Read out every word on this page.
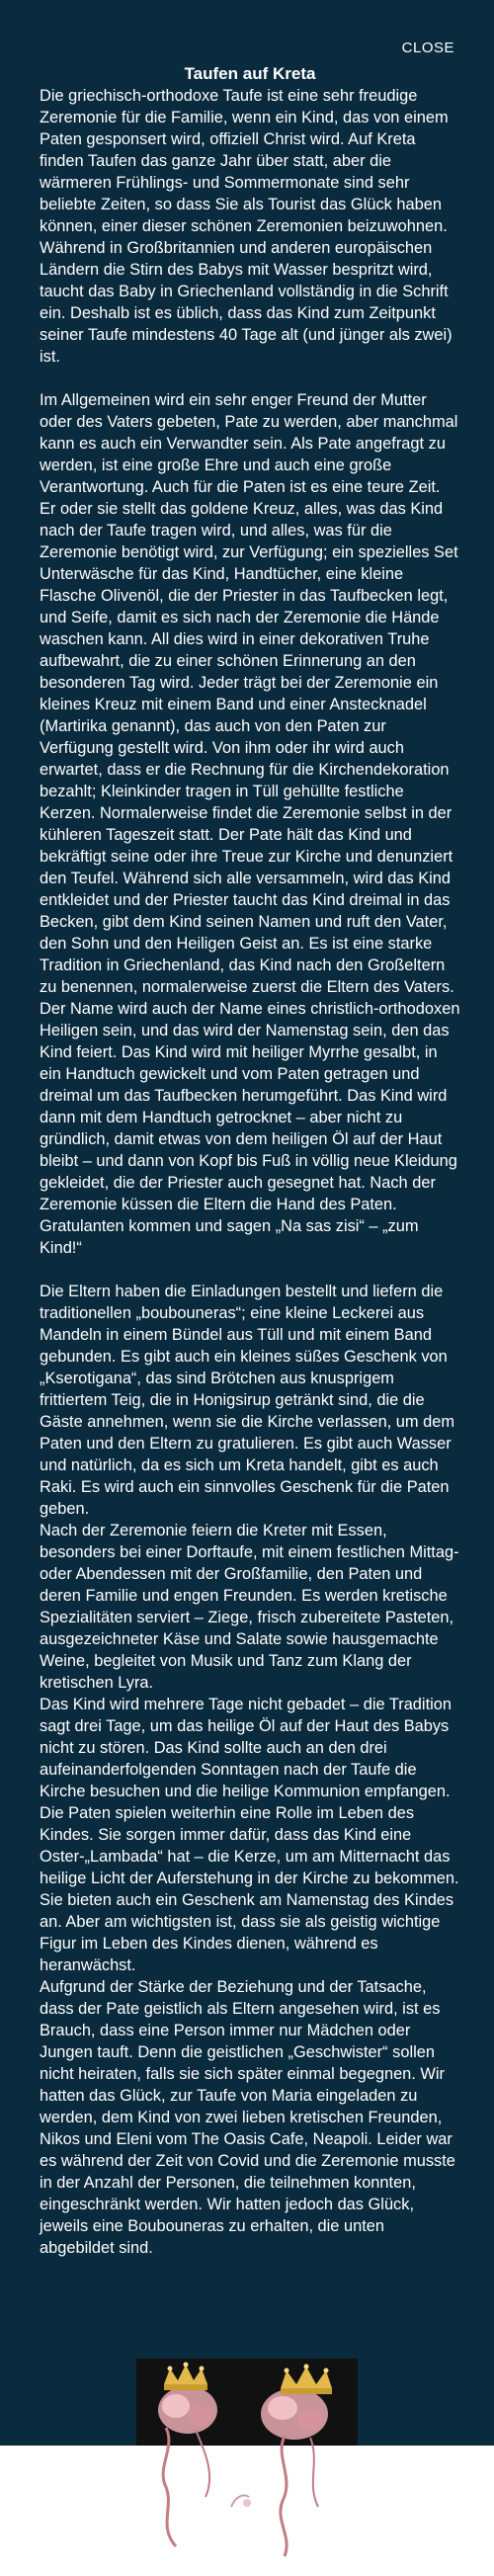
CLOSE
Taufen auf Kreta

Die griechisch-orthodoxe Taufe ist eine sehr freudige Zeremonie für die Familie, wenn ein Kind, das von einem Paten gesponsert wird, offiziell Christ wird. Auf Kreta finden Taufen das ganze Jahr über statt, aber die wärmeren Frühlings- und Sommermonate sind sehr beliebte Zeiten, so dass Sie als Tourist das Glück haben können, einer dieser schönen Zeremonien beizuwohnen. Während in Großbritannien und anderen europäischen Ländern die Stirn des Babys mit Wasser bespritzt wird, taucht das Baby in Griechenland vollständig in die Schrift ein. Deshalb ist es üblich, dass das Kind zum Zeitpunkt seiner Taufe mindestens 40 Tage alt (und jünger als zwei) ist.

Im Allgemeinen wird ein sehr enger Freund der Mutter oder des Vaters gebeten, Pate zu werden, aber manchmal kann es auch ein Verwandter sein. Als Pate angefragt zu werden, ist eine große Ehre und auch eine große Verantwortung. Auch für die Paten ist es eine teure Zeit. Er oder sie stellt das goldene Kreuz, alles, was das Kind nach der Taufe tragen wird, und alles, was für die Zeremonie benötigt wird, zur Verfügung; ein spezielles Set Unterwäsche für das Kind, Handtücher, eine kleine Flasche Olivenöl, die der Priester in das Taufbecken legt, und Seife, damit es sich nach der Zeremonie die Hände waschen kann. All dies wird in einer dekorativen Truhe aufbewahrt, die zu einer schönen Erinnerung an den besonderen Tag wird. Jeder trägt bei der Zeremonie ein kleines Kreuz mit einem Band und einer Anstecknadel (Martirika genannt), das auch von den Paten zur Verfügung gestellt wird. Von ihm oder ihr wird auch erwartet, dass er die Rechnung für die Kirchendekoration bezahlt; Kleinkinder tragen in Tüll gehüllte festliche Kerzen. Normalerweise findet die Zeremonie selbst in der kühleren Tageszeit statt. Der Pate hält das Kind und bekräftigt seine oder ihre Treue zur Kirche und denunziert den Teufel. Während sich alle versammeln, wird das Kind entkleidet und der Priester taucht das Kind dreimal in das Becken, gibt dem Kind seinen Namen und ruft den Vater, den Sohn und den Heiligen Geist an. Es ist eine starke Tradition in Griechenland, das Kind nach den Großeltern zu benennen, normalerweise zuerst die Eltern des Vaters. Der Name wird auch der Name eines christlich-orthodoxen Heiligen sein, und das wird der Namenstag sein, den das Kind feiert. Das Kind wird mit heiliger Myrrhe gesalbt, in ein Handtuch gewickelt und vom Paten getragen und dreimal um das Taufbecken herumgeführt. Das Kind wird dann mit dem Handtuch getrocknet – aber nicht zu gründlich, damit etwas von dem heiligen Öl auf der Haut bleibt – und dann von Kopf bis Fuß in völlig neue Kleidung gekleidet, die der Priester auch gesegnet hat. Nach der Zeremonie küssen die Eltern die Hand des Paten. Gratulanten kommen und sagen „Na sas zisi“ – „zum Kind!“

Die Eltern haben die Einladungen bestellt und liefern die traditionellen „boubouneras“; eine kleine Leckerei aus Mandeln in einem Bündel aus Tüll und mit einem Band gebunden. Es gibt auch ein kleines süßes Geschenk von „Kserotigana“, das sind Brötchen aus knusprigem frittiertem Teig, die in Honigsirup getränkt sind, die die Gäste annehmen, wenn sie die Kirche verlassen, um dem Paten und den Eltern zu gratulieren. Es gibt auch Wasser und natürlich, da es sich um Kreta handelt, gibt es auch Raki. Es wird auch ein sinnvolles Geschenk für die Paten geben.
Nach der Zeremonie feiern die Kreter mit Essen, besonders bei einer Dorftaufe, mit einem festlichen Mittag- oder Abendessen mit der Großfamilie, den Paten und deren Familie und engen Freunden. Es werden kretische Spezialitäten serviert – Ziege, frisch zubereitete Pasteten, ausgezeichneter Käse und Salate sowie hausgemachte Weine, begleitet von Musik und Tanz zum Klang der kretischen Lyra.
Das Kind wird mehrere Tage nicht gebadet – die Tradition sagt drei Tage, um das heilige Öl auf der Haut des Babys nicht zu stören. Das Kind sollte auch an den drei aufeinanderfolgenden Sonntagen nach der Taufe die Kirche besuchen und die heilige Kommunion empfangen.
Die Paten spielen weiterhin eine Rolle im Leben des Kindes. Sie sorgen immer dafür, dass das Kind eine Oster-„Lambada“ hat – die Kerze, um am Mitternacht das heilige Licht der Auferstehung in der Kirche zu bekommen. Sie bieten auch ein Geschenk am Namenstag des Kindes an. Aber am wichtigsten ist, dass sie als geistig wichtige Figur im Leben des Kindes dienen, während es heranwächst.
Aufgrund der Stärke der Beziehung und der Tatsache, dass der Pate geistlich als Eltern angesehen wird, ist es Brauch, dass eine Person immer nur Mädchen oder Jungen tauft. Denn die geistlichen „Geschwister“ sollen nicht heiraten, falls sie sich später einmal begegnen. Wir hatten das Glück, zur Taufe von Maria eingeladen zu werden, dem Kind von zwei lieben kretischen Freunden, Nikos und Eleni vom The Oasis Cafe, Neapoli. Leider war es während der Zeit von Covid und die Zeremonie musste in der Anzahl der Personen, die teilnehmen konnten, eingeschränkt werden. Wir hatten jedoch das Glück, jeweils eine Boubouneras zu erhalten, die unten abgebildet sind.
